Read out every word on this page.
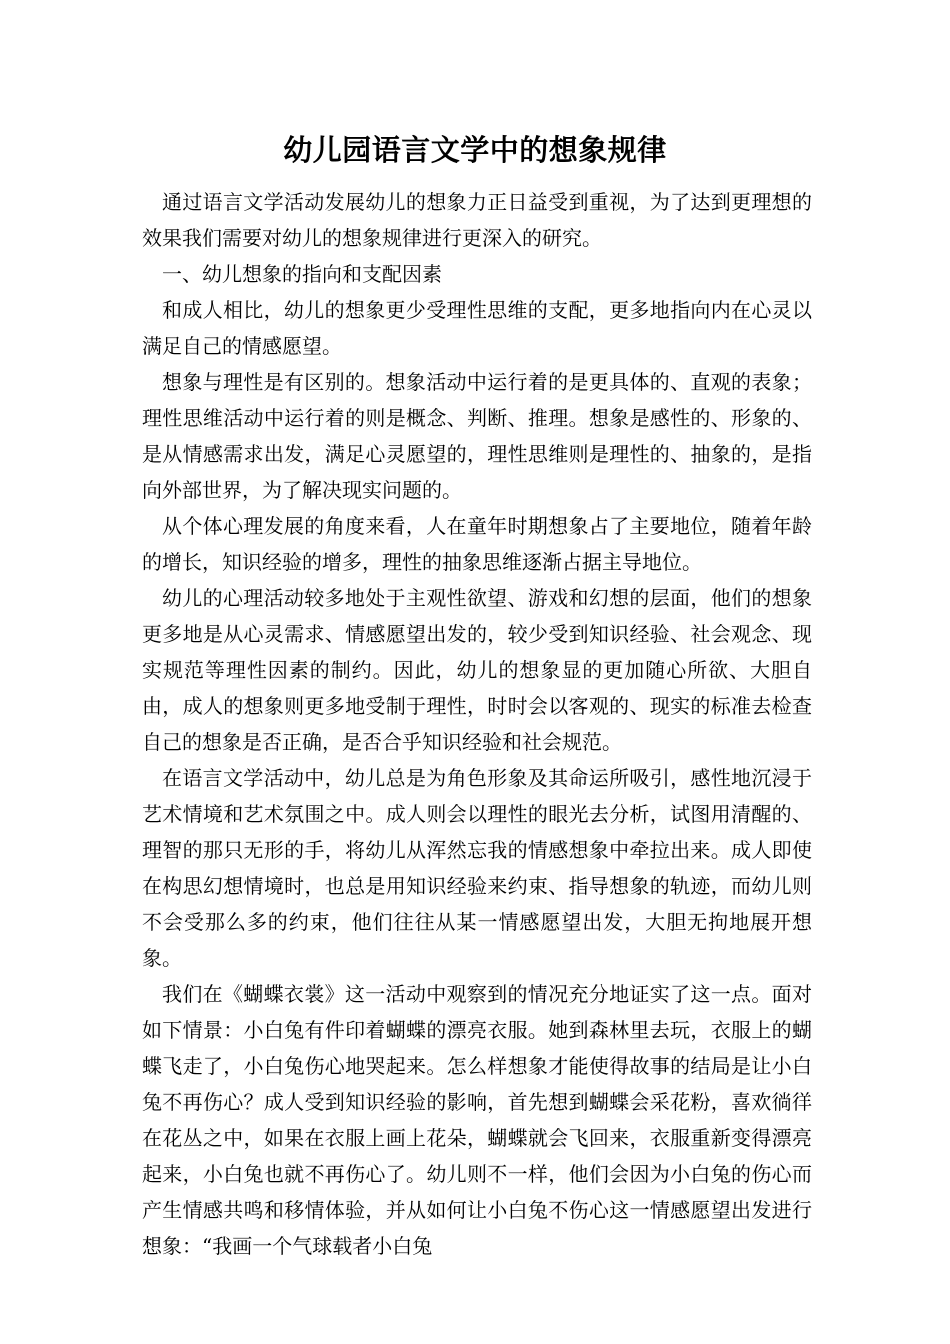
幼儿园语言文学中的想象规律

通过语言文学活动发展幼儿的想象力正日益受到重视，为了达到更理想的效果我们需要对幼儿的想象规律进行更深入的研究。

一、幼儿想象的指向和支配因素

和成人相比，幼儿的想象更少受理性思维的支配，更多地指向内在心灵以满足自己的情感愿望。

想象与理性是有区别的。想象活动中运行着的是更具体的、直观的表象；理性思维活动中运行着的则是概念、判断、推理。想象是感性的、形象的、是从情感需求出发，满足心灵愿望的，理性思维则是理性的、抽象的，是指向外部世界，为了解决现实问题的。

从个体心理发展的角度来看，人在童年时期想象占了主要地位，随着年龄的增长，知识经验的增多，理性的抽象思维逐渐占据主导地位。

幼儿的心理活动较多地处于主观性欲望、游戏和幻想的层面，他们的想象更多地是从心灵需求、情感愿望出发的，较少受到知识经验、社会观念、现实规范等理性因素的制约。因此，幼儿的想象显的更加随心所欲、大胆自由，成人的想象则更多地受制于理性，时时会以客观的、现实的标准去检查自己的想象是否正确，是否合乎知识经验和社会规范。

在语言文学活动中，幼儿总是为角色形象及其命运所吸引，感性地沉浸于艺术情境和艺术氛围之中。成人则会以理性的眼光去分析，试图用清醒的、理智的那只无形的手，将幼儿从浑然忘我的情感想象中牵拉出来。成人即使在构思幻想情境时，也总是用知识经验来约束、指导想象的轨迹，而幼儿则不会受那么多的约束，他们往往从某一情感愿望出发，大胆无拘地展开想象。

我们在《蝴蝶衣裳》这一活动中观察到的情况充分地证实了这一点。面对如下情景：小白兔有件印着蝴蝶的漂亮衣服。她到森林里去玩，衣服上的蝴蝶飞走了，小白兔伤心地哭起来。怎么样想象才能使得故事的结局是让小白兔不再伤心？成人受到知识经验的影响，首先想到蝴蝶会采花粉，喜欢徜徉在花丛之中，如果在衣服上画上花朵，蝴蝶就会飞回来，衣服重新变得漂亮起来，小白兔也就不再伤心了。幼儿则不一样，他们会因为小白兔的伤心而产生情感共鸣和移情体验，并从如何让小白兔不伤心这一情感愿望出发进行想象：“我画一个气球载者小白兔
